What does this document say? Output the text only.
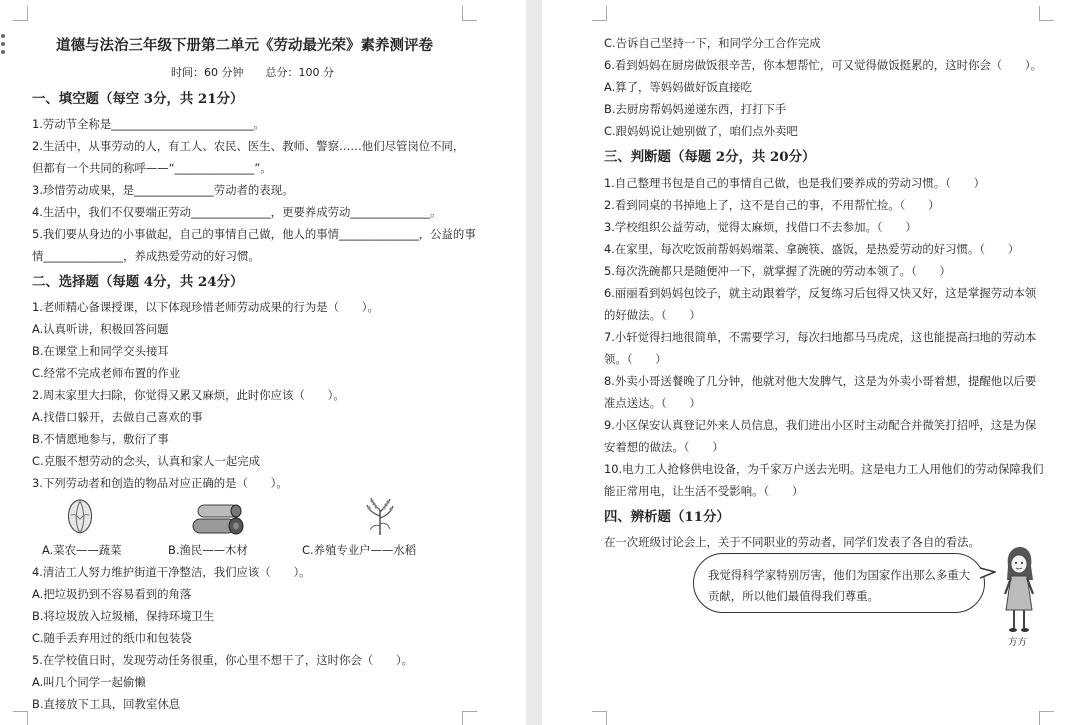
道德与法治三年级下册第二单元《劳动最光荣》素养测评卷
时间：60 分钟　　总分：100 分
一、填空题（每空 3分，共 21分）
1.劳动节全称是_________________________。
2.生活中，从事劳动的人，有工人、农民、医生、教师、警察……他们尽管岗位不同，
但都有一个共同的称呼——“______________”。
3.珍惜劳动成果，是______________劳动者的表现。
4.生活中，我们不仅要端正劳动______________，更要养成劳动______________。
5.我们要从身边的小事做起，自己的事情自己做，他人的事情______________，公益的事
情______________，养成热爱劳动的好习惯。
二、选择题（每题 4分，共 24分）
1.老师精心备课授课，以下体现珍惜老师劳动成果的行为是（　　）。
A.认真听讲，积极回答问题
B.在课堂上和同学交头接耳
C.经常不完成老师布置的作业
2.周末家里大扫除，你觉得又累又麻烦，此时你应该（　　）。
A.找借口躲开，去做自己喜欢的事
B.不情愿地参与，敷衍了事
C.克服不想劳动的念头，认真和家人一起完成
3.下列劳动者和创造的物品对应正确的是（　　）。
A.菜农——蔬菜	B.渔民——木材	C.养殖专业户——水稻
4.清洁工人努力维护街道干净整洁，我们应该（　　）。
A.把垃圾扔到不容易看到的角落
B.将垃圾放入垃圾桶，保持环境卫生
C.随手丢弃用过的纸巾和包装袋
5.在学校值日时，发现劳动任务很重，你心里不想干了，这时你会（　　）。
A.叫几个同学一起偷懒
B.直接放下工具，回教室休息
C.告诉自己坚持一下，和同学分工合作完成
6.看到妈妈在厨房做饭很辛苦，你本想帮忙，可又觉得做饭挺累的，这时你会（　　）。
A.算了，等妈妈做好饭直接吃
B.去厨房帮妈妈递递东西，打打下手
C.跟妈妈说让她别做了，咱们点外卖吧
三、判断题（每题 2分，共 20分）
1.自己整理书包是自己的事情自己做，也是我们要养成的劳动习惯。（　　）
2.看到同桌的书掉地上了，这不是自己的事，不用帮忙捡。（　　）
3.学校组织公益劳动，觉得太麻烦，找借口不去参加。（　　）
4.在家里，每次吃饭前帮妈妈端菜、拿碗筷、盛饭，是热爱劳动的好习惯。（　　）
5.每次洗碗都只是随便冲一下，就掌握了洗碗的劳动本领了。（　　）
6.丽丽看到妈妈包饺子，就主动跟着学，反复练习后包得又快又好，这是掌握劳动本领
的好做法。（　　）
7.小轩觉得扫地很简单，不需要学习，每次扫地都马马虎虎，这也能提高扫地的劳动本
领。（　　）
8.外卖小哥送餐晚了几分钟，他就对他大发脾气，这是为外卖小哥着想，提醒他以后要
准点送达。（　　）
9.小区保安认真登记外来人员信息，我们进出小区时主动配合并微笑打招呼，这是为保
安着想的做法。（　　）
10.电力工人抢修供电设备，为千家万户送去光明。这是电力工人用他们的劳动保障我们
能正常用电，让生活不受影响。（　　）
四、辨析题（11分）
在一次班级讨论会上，关于不同职业的劳动者，同学们发表了各自的看法。
我觉得科学家特别厉害，他们为国家作出那么多重大
贡献，所以他们最值得我们尊重。
方方
